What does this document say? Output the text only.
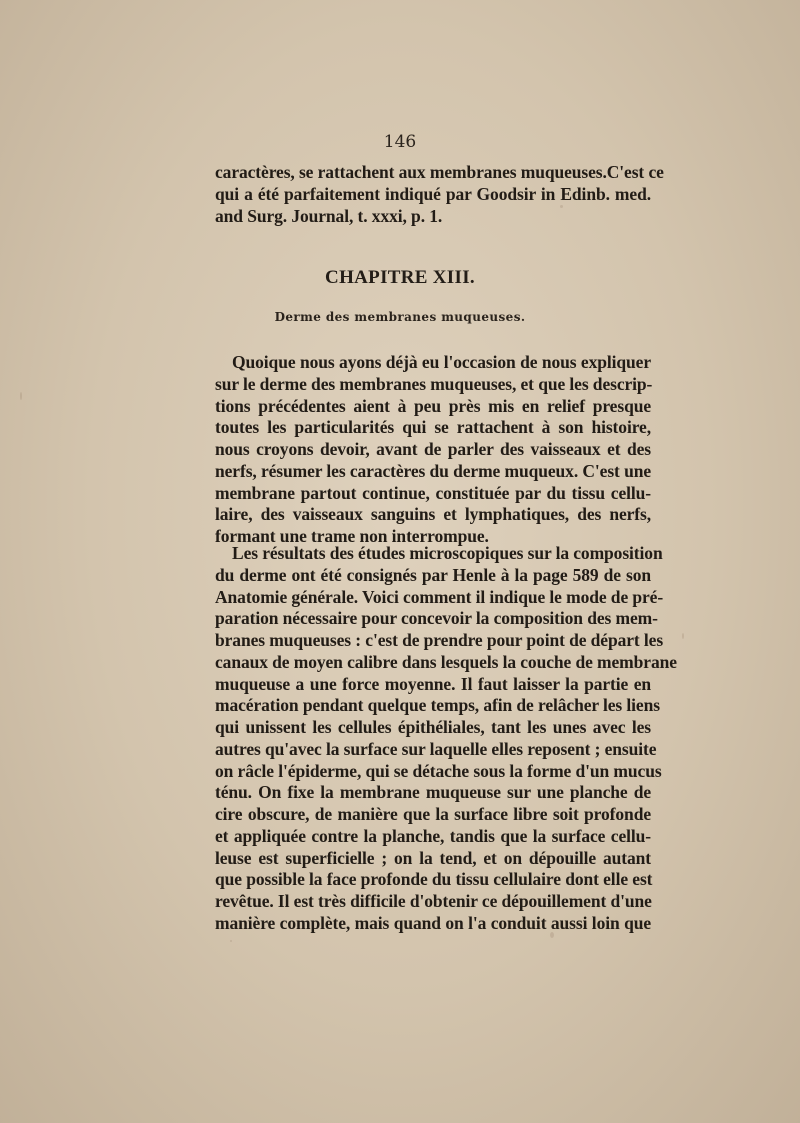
146
caractères, se rattachent aux membranes muqueuses.C'est ce
qui a été parfaitement indiqué par Goodsir in Edinb. med.
and Surg. Journal, t. xxxi, p. 1.
CHAPITRE XIII.
Derme des membranes muqueuses.
Quoique nous ayons déjà eu l'occasion de nous expliquer
sur le derme des membranes muqueuses, et que les descrip-
tions précédentes aient à peu près mis en relief presque
toutes les particularités qui se rattachent à son histoire,
nous croyons devoir, avant de parler des vaisseaux et des
nerfs, résumer les caractères du derme muqueux. C'est une
membrane partout continue, constituée par du tissu cellu-
laire, des vaisseaux sanguins et lymphatiques, des nerfs,
formant une trame non interrompue.
Les résultats des études microscopiques sur la composition
du derme ont été consignés par Henle à la page 589 de son
Anatomie générale. Voici comment il indique le mode de pré-
paration nécessaire pour concevoir la composition des mem-
branes muqueuses : c'est de prendre pour point de départ les
canaux de moyen calibre dans lesquels la couche de membrane
muqueuse a une force moyenne. Il faut laisser la partie en
macération pendant quelque temps, afin de relâcher les liens
qui unissent les cellules épithéliales, tant les unes avec les
autres qu'avec la surface sur laquelle elles reposent ; ensuite
on râcle l'épiderme, qui se détache sous la forme d'un mucus
ténu. On fixe la membrane muqueuse sur une planche de
cire obscure, de manière que la surface libre soit profonde
et appliquée contre la planche, tandis que la surface cellu-
leuse est superficielle ; on la tend, et on dépouille autant
que possible la face profonde du tissu cellulaire dont elle est
revêtue. Il est très difficile d'obtenir ce dépouillement d'une
manière complète, mais quand on l'a conduit aussi loin que
